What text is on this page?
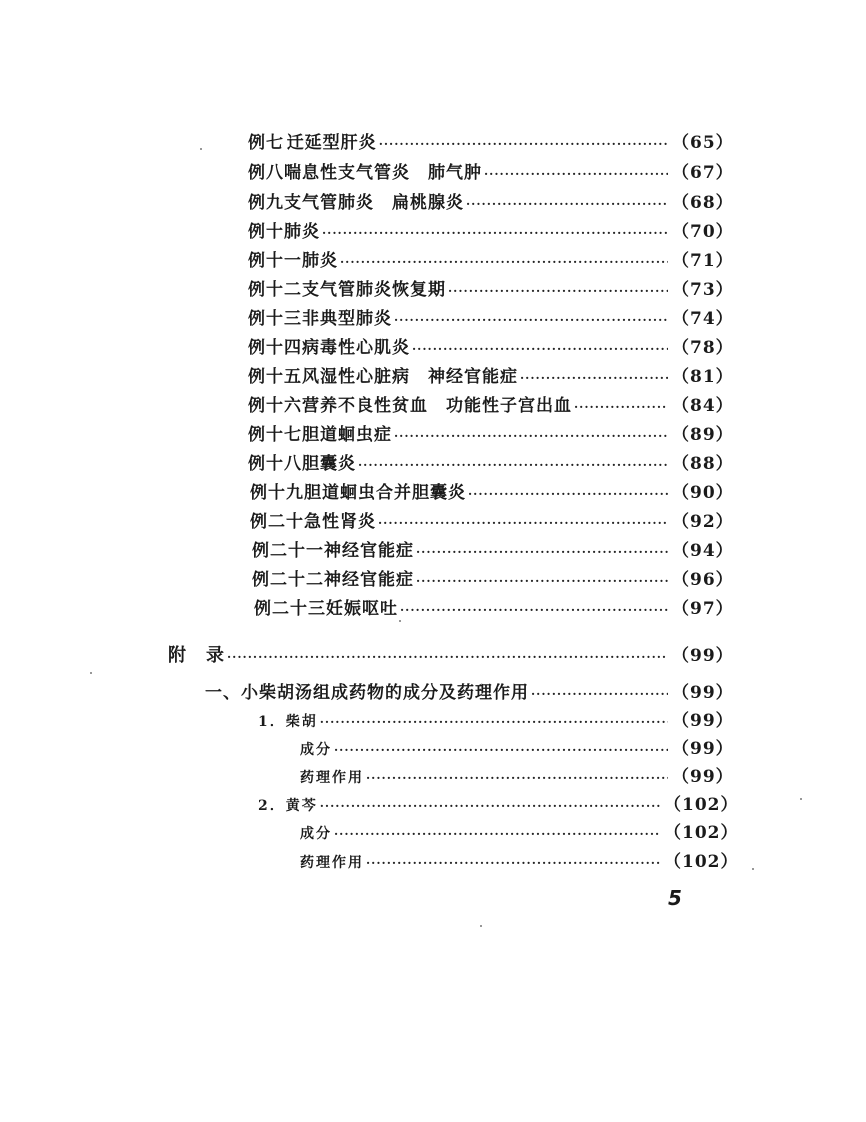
例七 迁延型肝炎 ·····	（65）
例八 喘息性支气管炎　肺气肿 ·····	（67）
例九 支气管肺炎　扁桃腺炎 ·····	（68）
例十 肺炎 ·····	（70）
例十一 肺炎 ·····	（71）
例十二 支气管肺炎恢复期 ·····	（73）
例十三 非典型肺炎 ·····	（74）
例十四 病毒性心肌炎 ·····	（78）
例十五 风湿性心脏病　神经官能症 ·····	（81）
例十六 营养不良性贫血　功能性子宫出血 ·····	（84）
例十七 胆道蛔虫症 ·····	（89）
例十八 胆囊炎 ·····	（88）
例十九 胆道蛔虫合并胆囊炎 ·····	（90）
例二十 急性肾炎 ·····	（92）
例二十一 神经官能症 ·····	（94）
例二十二 神经官能症 ·····	（96）
例二十三 妊娠呕吐 ·····	（97）
附　录 ·····	（99）
一、小柴胡汤组成药物的成分及药理作用 ·····	（99）
1．柴胡 ·····	（99）
成分 ·····	（99）
药理作用 ·····	（99）
2．黄芩 ·····	（102）
成分 ·····	（102）
药理作用 ·····	（102）
5
